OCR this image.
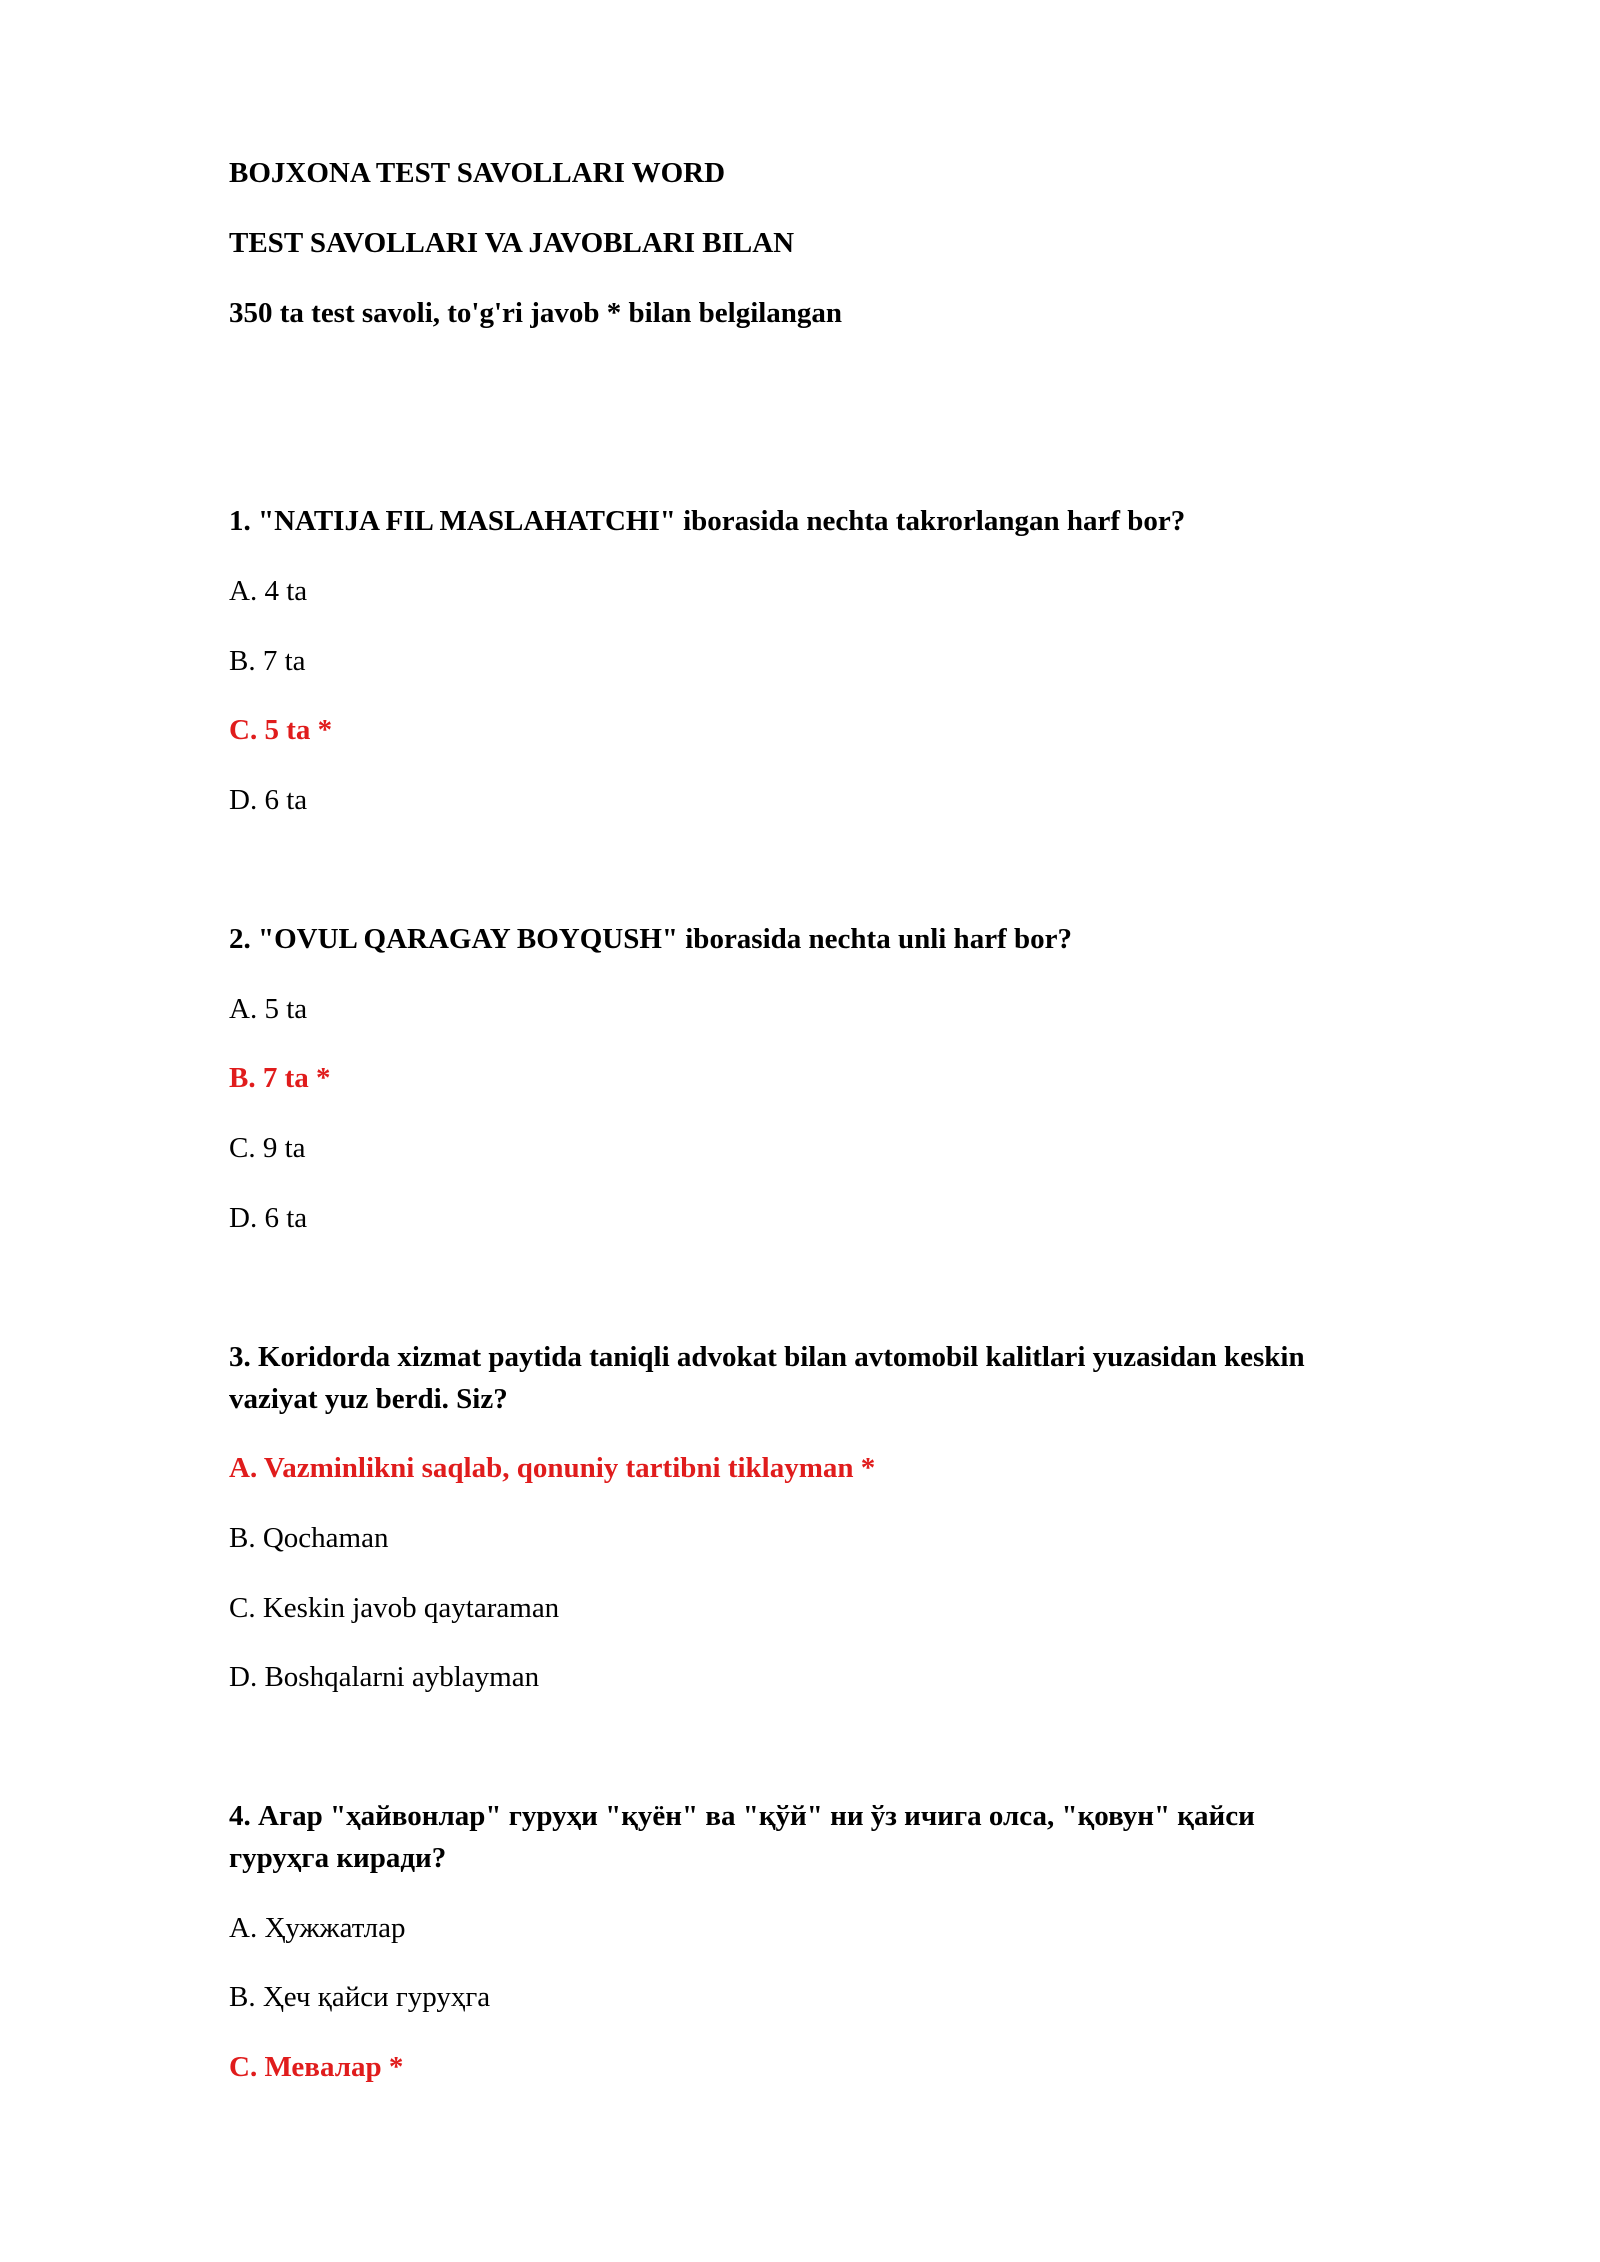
BOJXONA TEST SAVOLLARI WORD
TEST SAVOLLARI VA JAVOBLARI BILAN
350 ta test savoli, to'g'ri javob * bilan belgilangan
1. "NATIJA FIL MASLAHATCHI" iborasida nechta takrorlangan harf bor?
A. 4 ta
B. 7 ta
C. 5 ta *
D. 6 ta
2. "OVUL QARAGAY BOYQUSH" iborasida nechta unli harf bor?
A. 5 ta
B. 7 ta *
C. 9 ta
D. 6 ta
3. Koridorda xizmat paytida taniqli advokat bilan avtomobil kalitlari yuzasidan keskin
vaziyat yuz berdi. Siz?
A. Vazminlikni saqlab, qonuniy tartibni tiklayman *
B. Qochaman
C. Keskin javob qaytaraman
D. Boshqalarni ayblayman
4. Агар "ҳайвонлар" гуруҳи "қуён" ва "қўй" ни ўз ичига олса, "қовун" қайси
гуруҳга киради?
A. Ҳужжатлар
B. Ҳеч қайси гуруҳга
C. Мевалар *
